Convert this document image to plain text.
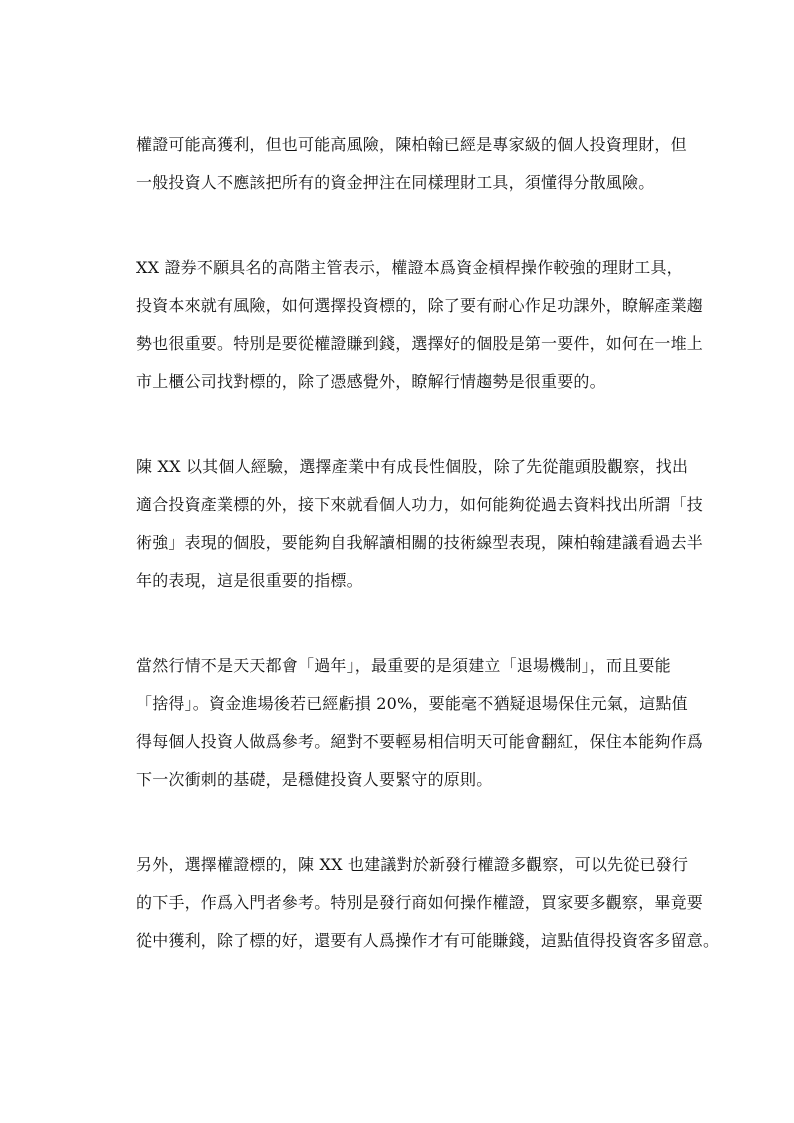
權證可能高獲利，但也可能高風險，陳柏翰已經是專家級的個人投資理財，但
一般投資人不應該把所有的資金押注在同樣理財工具，須懂得分散風險。

XX 證券不願具名的高階主管表示，權證本爲資金槓桿操作較強的理財工具，
投資本來就有風險，如何選擇投資標的，除了要有耐心作足功課外，瞭解產業趨
勢也很重要。特別是要從權證賺到錢，選擇好的個股是第一要件，如何在一堆上
市上櫃公司找對標的，除了憑感覺外，瞭解行情趨勢是很重要的。

陳 XX 以其個人經驗，選擇產業中有成長性個股，除了先從龍頭股觀察，找出
適合投資產業標的外，接下來就看個人功力，如何能夠從過去資料找出所謂「技
術強」表現的個股，要能夠自我解讀相關的技術線型表現，陳柏翰建議看過去半
年的表現，這是很重要的指標。

當然行情不是天天都會「過年」，最重要的是須建立「退場機制」，而且要能
「捨得」。資金進場後若已經虧損 20%，要能毫不猶疑退場保住元氣，這點值
得每個人投資人做爲參考。絕對不要輕易相信明天可能會翻紅，保住本能夠作爲
下一次衝刺的基礎，是穩健投資人要緊守的原則。

另外，選擇權證標的，陳 XX 也建議對於新發行權證多觀察，可以先從已發行
的下手，作爲入門者參考。特別是發行商如何操作權證，買家要多觀察，畢竟要
從中獲利，除了標的好，還要有人爲操作才有可能賺錢，這點值得投資客多留意。
